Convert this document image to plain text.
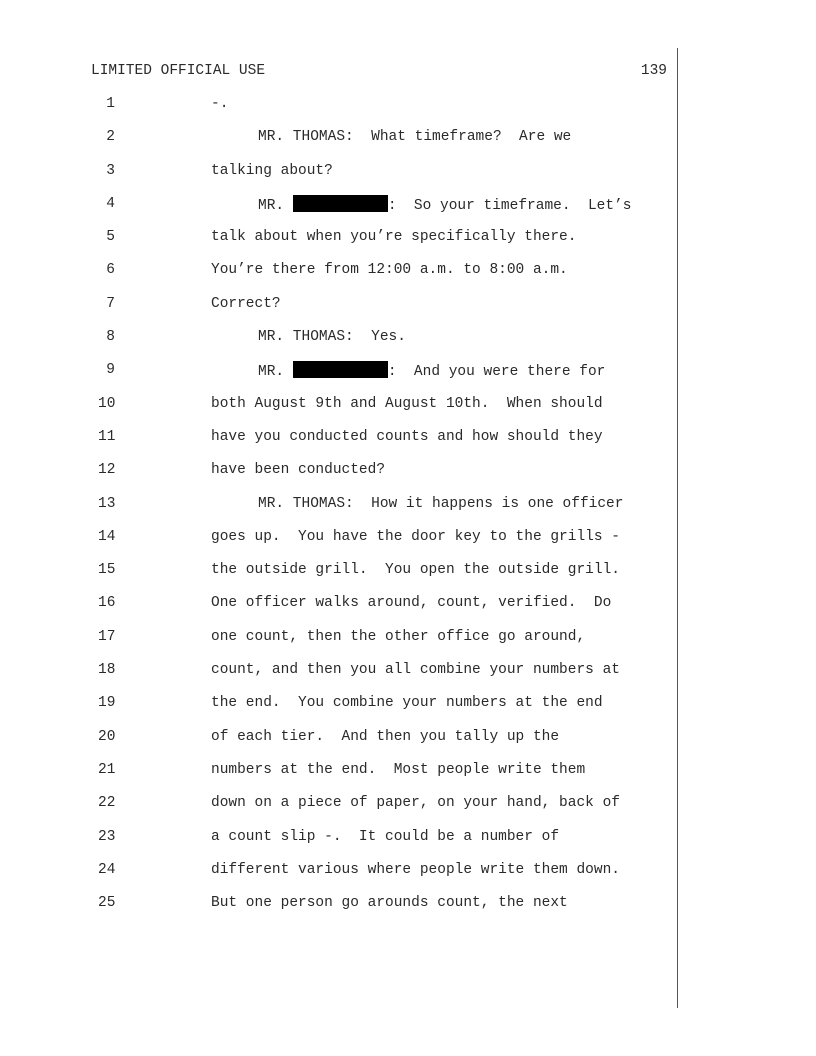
LIMITED OFFICIAL USE	139
1	-.
2	MR. THOMAS:  What timeframe?  Are we
3	talking about?
4	MR.	:  So your timeframe.  Let’s
5	talk about when you’re specifically there.
6	You’re there from 12:00 a.m. to 8:00 a.m.
7	Correct?
8	MR. THOMAS:  Yes.
9	MR.	:  And you were there for
10	both August 9th and August 10th.  When should
11	have you conducted counts and how should they
12	have been conducted?
13	MR. THOMAS:  How it happens is one officer
14	goes up.  You have the door key to the grills -
15	the outside grill.  You open the outside grill.
16	One officer walks around, count, verified.  Do
17	one count, then the other office go around,
18	count, and then you all combine your numbers at
19	the end.  You combine your numbers at the end
20	of each tier.  And then you tally up the
21	numbers at the end.  Most people write them
22	down on a piece of paper, on your hand, back of
23	a count slip -.  It could be a number of
24	different various where people write them down.
25	But one person go arounds count, the next
